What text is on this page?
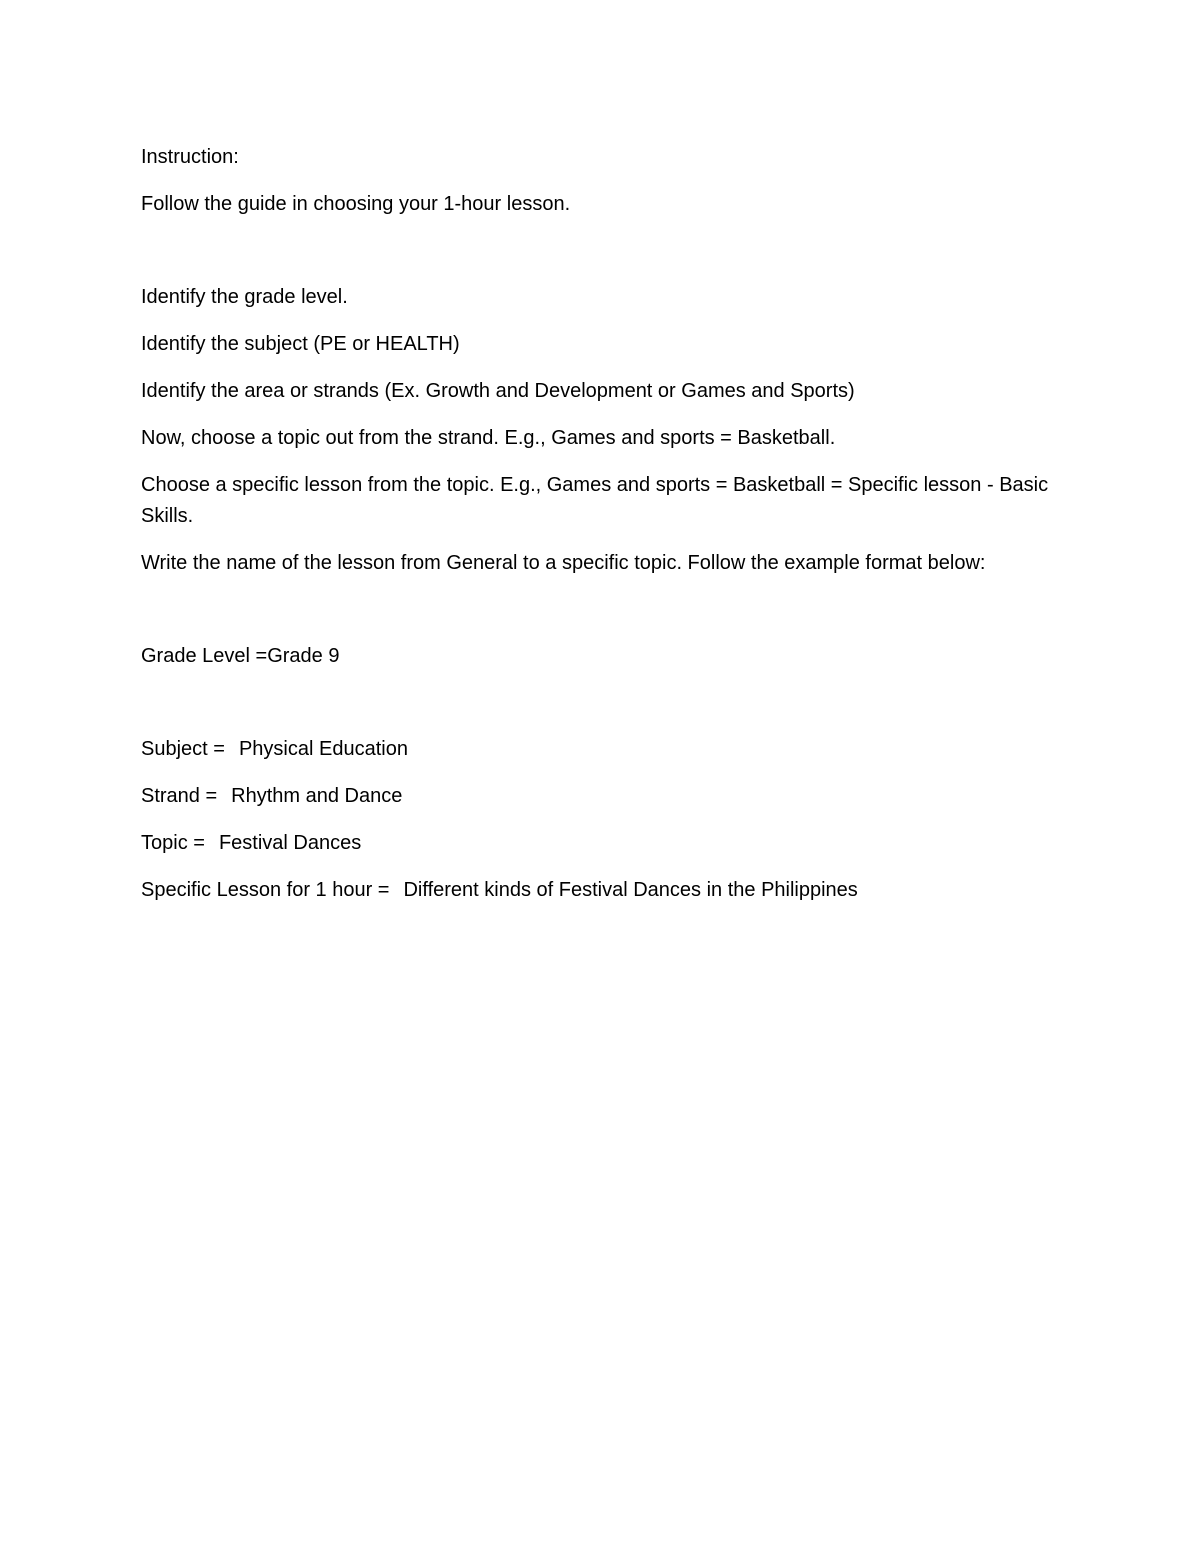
Instruction:

Follow the guide in choosing your 1-hour lesson.

Identify the grade level.

Identify the subject (PE or HEALTH)

Identify the area or strands (Ex. Growth and Development or Games and Sports)

Now, choose a topic out from the strand. E.g., Games and sports = Basketball.

Choose a specific lesson from the topic. E.g., Games and sports = Basketball = Specific lesson - Basic Skills.

Write the name of the lesson from General to a specific topic. Follow the example format below:

Grade Level =Grade 9

Subject = Physical Education

Strand = Rhythm and Dance

Topic = Festival Dances

Specific Lesson for 1 hour = Different kinds of Festival Dances in the Philippines
